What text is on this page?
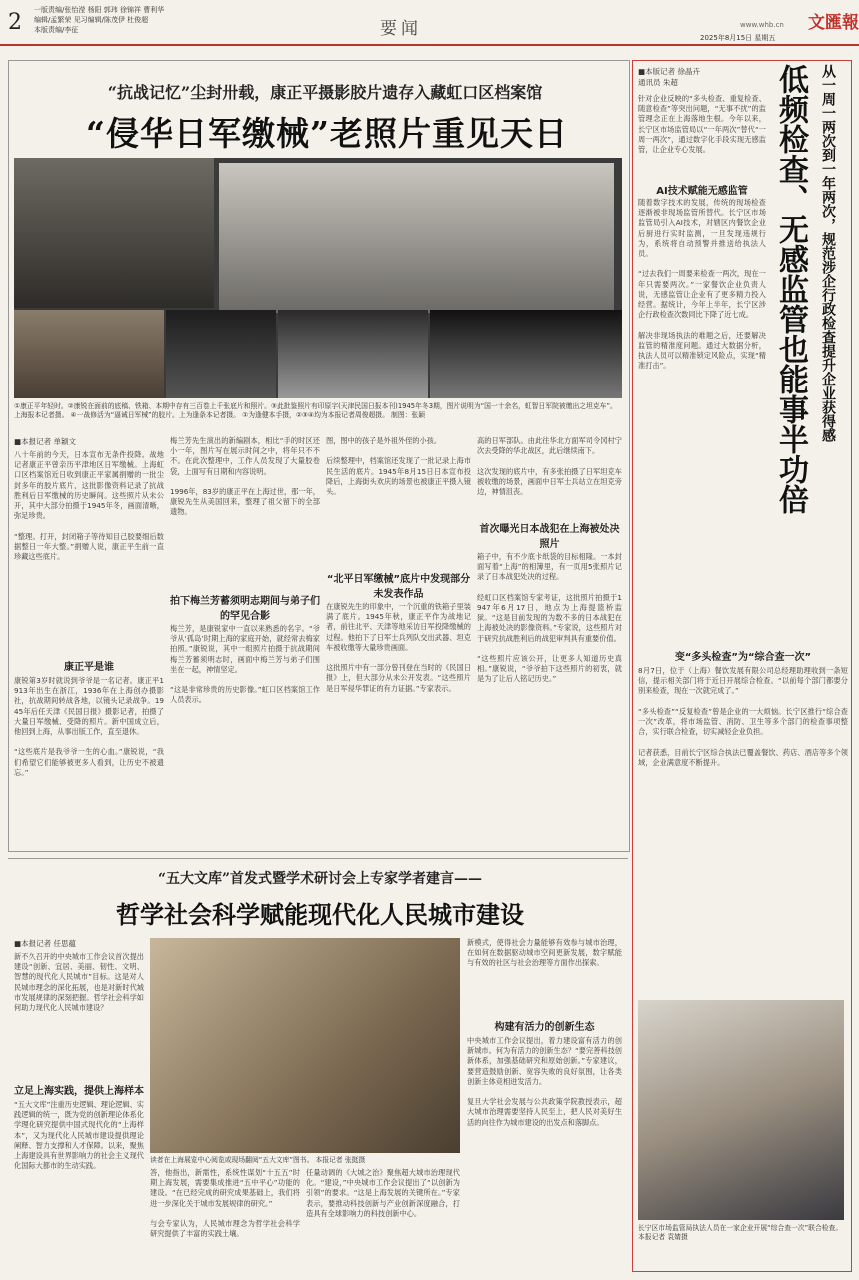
2 一版责编/张怡滢 杨阳 郭玮 徐锦祥 曹利华
编辑/孟繁荣 见习编辑/陈茂伊 杜俊超
本版责编/李征	要闻	www.whb.cn 文匯報
2025年8月15日 星期五
“抗战记忆”尘封卅载，康正平摄影胶片遗存入藏虹口区档案馆
“侵华日军缴械”老照片重见天日
①康正平年轻时。②康锐在面前的底稿、铁箱、本期中存有三百卷上千张底片和照片。③此批鉴照片有印原字(天津民国日报本刊)1945年冬3期，图片说明为“国一十余名，虹智日军院被缴出之坦克车”。上海报本记者摄。 ④一战修活为“逼诫日军械”的胶片。上为逢条本记者摄。 ①为逢健本手摄，②③④均为本报记者周俊超摄。 制图：张颖
■本报记者 单颖文
八十年前的今天，日本宣布无条件投降。战地记者康正平曾亲历平津地区日军缴械。上海虹口区档案馆近日收到康正平家属捐赠的一批尘封多年的胶片底片，这批影像资料记录了抗战胜利后日军缴械的历史瞬间。这些照片从未公开，其中大部分拍摄于1945年冬，画面清晰，弥足珍贵。

“整理。打开，封闭箱子等待知目己胶要细后数据整日一年大整。”捐赠人说，康正平生前一直珍藏这些底片。
康正平是谁
康锐第3岁时就说到爷爷是一名记者。康正平1913年出生在浙江，1936年在上海创办摄影社，抗战期间转战各地，以镜头记录战争。1945年后任天津《民国日报》摄影记者，拍摄了大量日军缴械、受降的照片。新中国成立后，他回到上海，从事出版工作，直至退休。

“这些底片是我爷爷一生的心血。”康锐说，“我们希望它们能够被更多人看到，让历史不被遗忘。”
梅兰芳先生演出的新编剧本，相比“手的时区还小一年，图片写在展示时间之中，将年只不不不。在此次整理中，工作人员发现了大量胶卷袋，上面写有日期和内容说明。

1996年，83岁的康正平在上海过世，那一年，康锐先生从美国回来，整理了祖父留下的全部遗物。
拍下梅兰芳蓄须明志期间与弟子们的罕见合影
梅兰芳，是康锐家中一直以来熟悉的名字。“爷爷从‘孤岛’时期上海的家庭开始，就经常去梅家拍照。”康锐说，其中一组照片拍摄于抗战期间梅兰芳蓄须明志时，画面中梅兰芳与弟子们围坐在一起，神情坚定。

“这是非常珍贵的历史影像。”虹口区档案馆工作人员表示。
图，图中的孩子是外祖外侄的小孩。

后续整理中，档案馆还发现了一批记录上海市民生活的底片。1945年8月15日日本宣布投降后，上海街头欢庆的场景也被康正平摄入镜头。
“北平日军缴械”底片中发现部分未发表作品
在康锐先生的印象中，一个沉重的铁箱子里装满了底片。1945年秋，康正平作为战地记者，前往北平、天津等地采访日军投降缴械的过程。他拍下了日军士兵列队交出武器、坦克车被收缴等大量珍贵画面。

这批照片中有一部分曾刊登在当时的《民国日报》上，但大部分从未公开发表。“这些照片是日军侵华罪证的有力证据。”专家表示。
高的日军部队。由此往华北方面军司令冈村宁次去受降的华北战区，此后继续南下。

这次发现的底片中，有多张拍摄了日军坦克车被收缴的场景，画面中日军士兵站立在坦克旁边，神情沮丧。
首次曝光日本战犯在上海被处决照片
箱子中，有不少底卡纸袋的目标相隆。一本封面写着“上海”的相簿里，有一页用5张照片记录了日本战犯处决的过程。

经虹口区档案馆专家考证，这批照片拍摄于1947年6月17日，地点为上海提篮桥监狱。“这是目前发现的为数不多的日本战犯在上海被处决的影像资料。”专家说，这些照片对于研究抗战胜利后的战犯审判具有重要价值。

“这些照片应该公开，让更多人知道历史真相。”康锐说，“爷爷拍下这些照片的初衷，就是为了让后人铭记历史。”
“五大文库”首发式暨学术研讨会上专家学者建言——
哲学社会科学赋能现代化人民城市建设
■本报记者 任思蕴
新不久召开的中央城市工作会议首次提出建设“创新、宜居、美丽、韧性、文明、智慧的现代化人民城市”目标。这是对人民城市理念的深化拓展，也是对新时代城市发展规律的深刻把握。哲学社会科学如何助力现代化人民城市建设？
立足上海实践，提供上海样本
“五大文库”注重历史逻辑、理论逻辑、实践逻辑的统一，既为党的创新理论体系化学理化研究提供中国式现代化的“上海样本”，又为现代化人民城市建设提供理论阐释、智力支撑和人才保障。以来，聚焦上海建设具有世界影响力的社会主义现代化国际大都市的生动实践。
读者在上海展览中心阅览或现场翻阅“五大文库”图书。 本报记者 张挺摄
答，他指出，新需性，系统性谋划“十五五”时期上海发展，需要集成推进“五中平心”功能的建设。“在已经完成的研究成果基础上，我们将进一步深化关于城市发展规律的研究。”

与会专家认为，人民城市理念为哲学社会科学研究提供了丰富的实践土壤。
任量动调的《大城之治》聚焦超大城市治理现代化。“建设，”中央城市工作会议提出了“以创新为引领”的要求。“这是上海发展的关键所在。”专家表示，要推动科技创新与产业创新深度融合，打造具有全球影响力的科技创新中心。
新模式，使得社会力量能够有效参与城市治理，在如何在数据驱动城市空间更新发展，数字赋能与有效的社区与社会治理等方面作出探索。
构建有活力的创新生态
中央城市工作会议提出，着力建设富有活力的创新城市。何为有活力的创新生态？“要完善科技创新体系，加强基础研究和原始创新。”专家建议，要营造鼓励创新、宽容失败的良好氛围，让各类创新主体竞相迸发活力。

复旦大学社会发展与公共政策学院教授表示，超大城市治理需要坚持人民至上，把人民对美好生活的向往作为城市建设的出发点和落脚点。
■本版记者 徐晶卉
通讯员 朱超	从一周一两次到一年两次，规范涉企行政检查提升企业获得感
低频检查、无感监管也能事半功倍
针对企业反映的“多头检查、重复检查、随意检查”等突出问题，“无事不扰”的监管理念正在上海落地生根。今年以来，长宁区市场监管局以“一年两次”替代“一周一两次”，通过数字化手段实现无感监管，让企业专心发展。
AI技术赋能无感监管
随着数字技术的发展，传统的现场检查逐渐被非现场监管所替代。长宁区市场监管局引入AI技术，对辖区内餐饮企业后厨进行实时监测，一旦发现违规行为，系统将自动预警并推送给执法人员。

“过去我们一周要来检查一两次，现在一年只需要两次。”一家餐饮企业负责人说，无感监管让企业有了更多精力投入经营。据统计，今年上半年，长宁区涉企行政检查次数同比下降了近七成。

解决非现场执法的难题之后，还要解决监管的精准度问题。通过大数据分析，执法人员可以精准锁定风险点，实现“精准打击”。
变“多头检查”为“综合查一次”
8月7日，位于（上海）餐饮发展有限公司总经理助理收到一条短信，提示相关部门将于近日开展综合检查。“以前每个部门都要分别来检查，现在一次就完成了。”

“多头检查”“反复检查”曾是企业的一大烦恼。长宁区推行“综合查一次”改革，将市场监管、消防、卫生等多个部门的检查事项整合，实行联合检查，切实减轻企业负担。

记者获悉，目前长宁区综合执法已覆盖餐饮、药店、酒店等多个领域，企业满意度不断提升。
长宁区市场监管局执法人员在一家企业开展“综合查一次”联合检查。 本报记者 袁婧摄
